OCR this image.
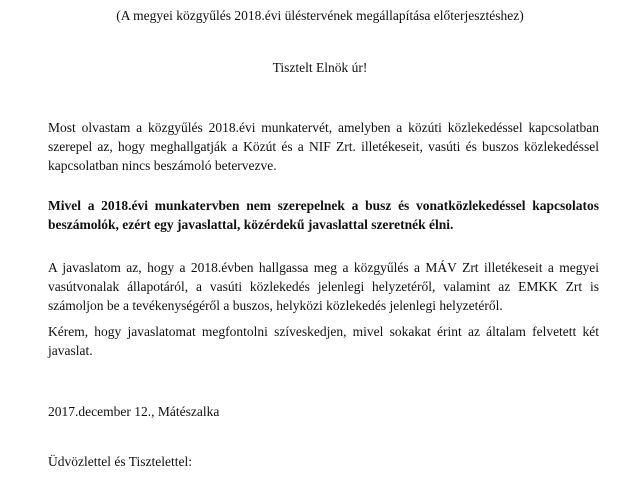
(A megyei közgyűlés 2018.évi üléstervének megállapítása előterjesztéshez)
Tisztelt Elnök úr!
Most olvastam a közgyűlés 2018.évi munkatervét, amelyben a közúti közlekedéssel kapcsolatban szerepel az, hogy meghallgatják a Közút és a NIF Zrt. illetékeseit, vasúti és buszos közlekedéssel kapcsolatban nincs beszámoló betervezve.
Mivel a 2018.évi munkatervben nem szerepelnek a busz és vonatközlekedéssel kapcsolatos beszámolók, ezért egy javaslattal, közérdekű javaslattal szeretnék élni.
A javaslatom az, hogy a 2018.évben hallgassa meg a közgyűlés a MÁV Zrt illetékeseit a megyei vasútvonalak állapotáról, a vasúti közlekedés jelenlegi helyzetéről, valamint az EMKK Zrt is számoljon be a tevékenységéről a buszos, helyközi közlekedés jelenlegi helyzetéről.
Kérem, hogy javaslatomat megfontolni szíveskedjen, mivel sokakat érint az általam felvetett két javaslat.
2017.december 12., Mátészalka
Üdvözlettel és Tisztelettel:
